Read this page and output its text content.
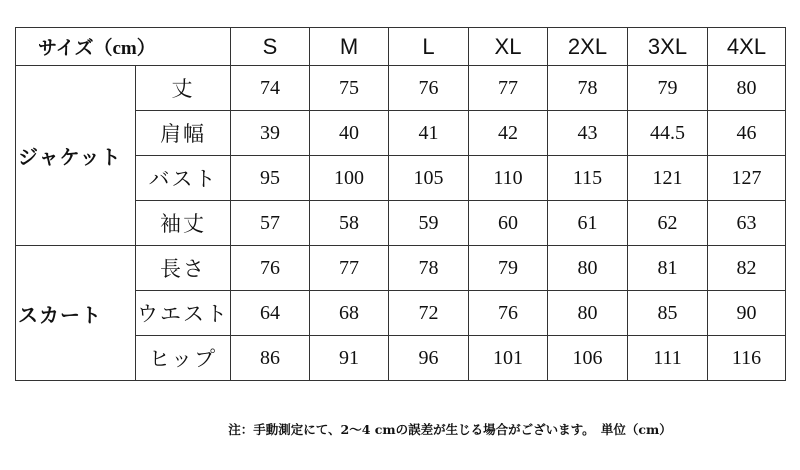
サイズ（cm）		S	M	L	XL	2XL	3XL	4XL
ジャケット	丈	74	75	76	77	78	79	80
	肩幅	39	40	41	42	43	44.5	46
	バスト	95	100	105	110	115	121	127
	袖丈	57	58	59	60	61	62	63
スカート	長さ	76	77	78	79	80	81	82
	ウエスト	64	68	72	76	80	85	90
	ヒップ	86	91	96	101	106	111	116
注：手動測定にて、2〜4 cmの誤差が生じる場合がございます。　単位（cm）
